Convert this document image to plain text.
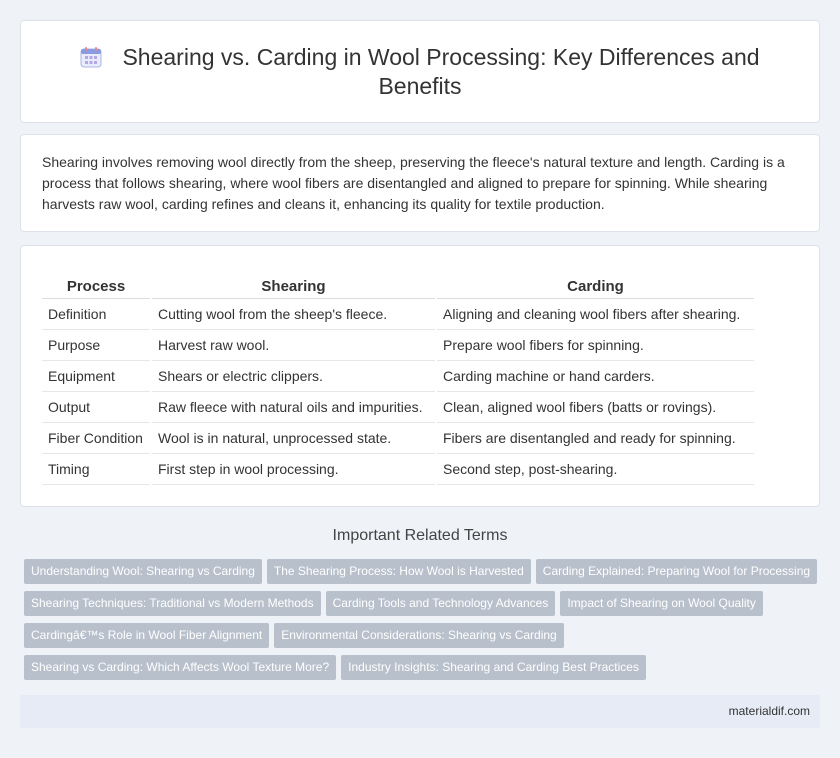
Shearing vs. Carding in Wool Processing: Key Differences and Benefits

Shearing involves removing wool directly from the sheep, preserving the fleece's natural texture and length. Carding is a process that follows shearing, where wool fibers are disentangled and aligned to prepare for spinning. While shearing harvests raw wool, carding refines and cleans it, enhancing its quality for textile production.

Process	Shearing	Carding
Definition	Cutting wool from the sheep's fleece.	Aligning and cleaning wool fibers after shearing.
Purpose	Harvest raw wool.	Prepare wool fibers for spinning.
Equipment	Shears or electric clippers.	Carding machine or hand carders.
Output	Raw fleece with natural oils and impurities.	Clean, aligned wool fibers (batts or rovings).
Fiber Condition	Wool is in natural, unprocessed state.	Fibers are disentangled and ready for spinning.
Timing	First step in wool processing.	Second step, post-shearing.
Important Related Terms
Understanding Wool: Shearing vs Carding The Shearing Process: How Wool is Harvested Carding Explained: Preparing Wool for Processing
Shearing Techniques: Traditional vs Modern Methods Carding Tools and Technology Advances Impact of Shearing on Wool Quality
Cardingâ€™s Role in Wool Fiber Alignment Environmental Considerations: Shearing vs Carding
Shearing vs Carding: Which Affects Wool Texture More? Industry Insights: Shearing and Carding Best Practices
materialdif.com
